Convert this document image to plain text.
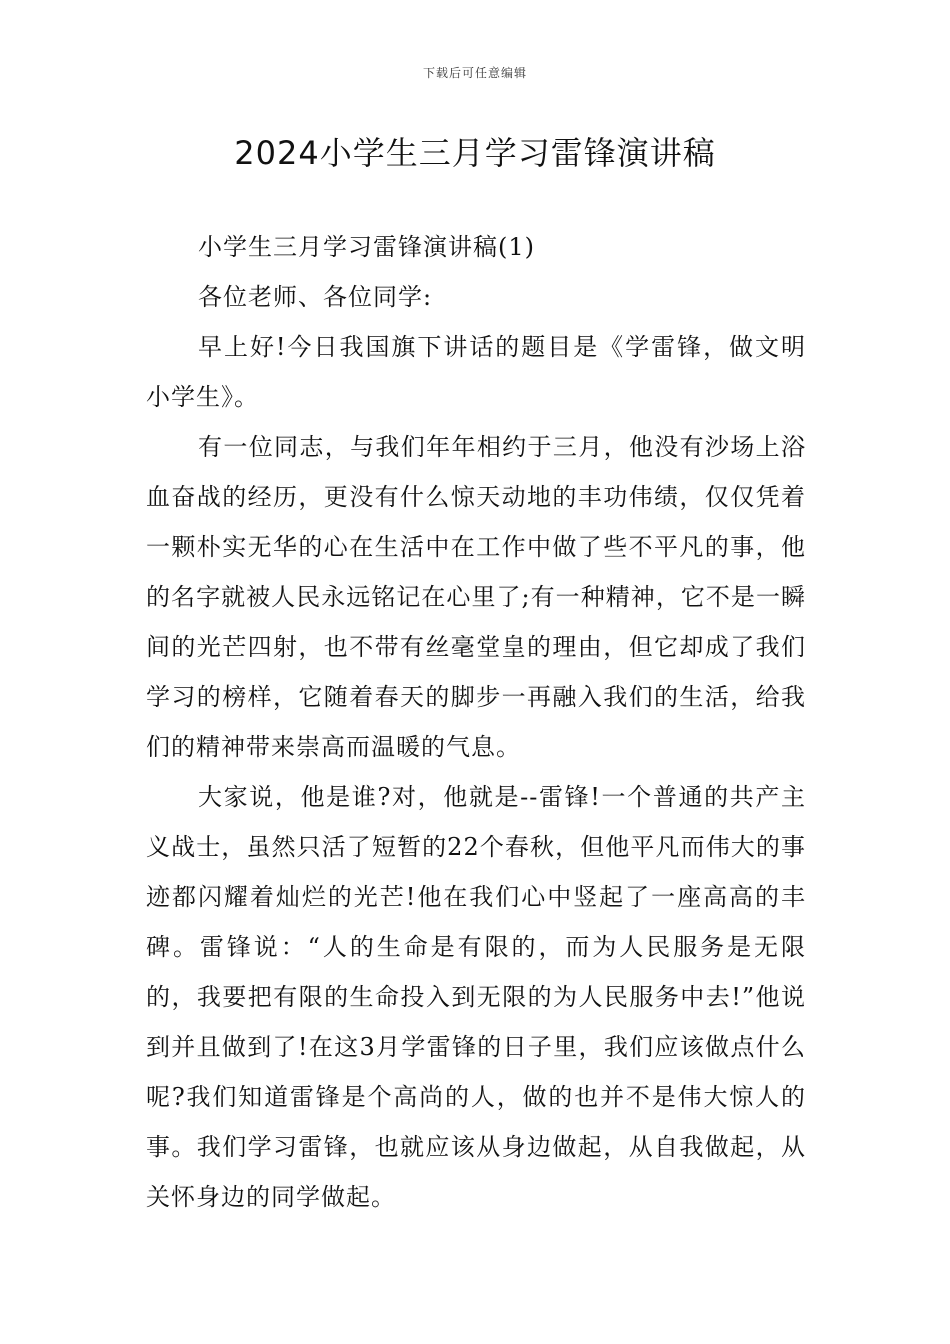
下载后可任意编辑
2024小学生三月学习雷锋演讲稿

小学生三月学习雷锋演讲稿(1)

各位老师、各位同学:

早上好!今日我国旗下讲话的题目是《学雷锋，做文明小学生》。

有一位同志，与我们年年相约于三月，他没有沙场上浴血奋战的经历，更没有什么惊天动地的丰功伟绩，仅仅凭着一颗朴实无华的心在生活中在工作中做了些不平凡的事，他的名字就被人民永远铭记在心里了;有一种精神，它不是一瞬间的光芒四射，也不带有丝毫堂皇的理由，但它却成了我们学习的榜样，它随着春天的脚步一再融入我们的生活，给我们的精神带来崇高而温暖的气息。

大家说，他是谁?对，他就是--雷锋!一个普通的共产主义战士，虽然只活了短暂的22个春秋，但他平凡而伟大的事迹都闪耀着灿烂的光芒!他在我们心中竖起了一座高高的丰碑。雷锋说：“人的生命是有限的，而为人民服务是无限的，我要把有限的生命投入到无限的为人民服务中去!”他说到并且做到了!在这3月学雷锋的日子里，我们应该做点什么呢?我们知道雷锋是个高尚的人，做的也并不是伟大惊人的事。我们学习雷锋，也就应该从身边做起，从自我做起，从关怀身边的同学做起。
